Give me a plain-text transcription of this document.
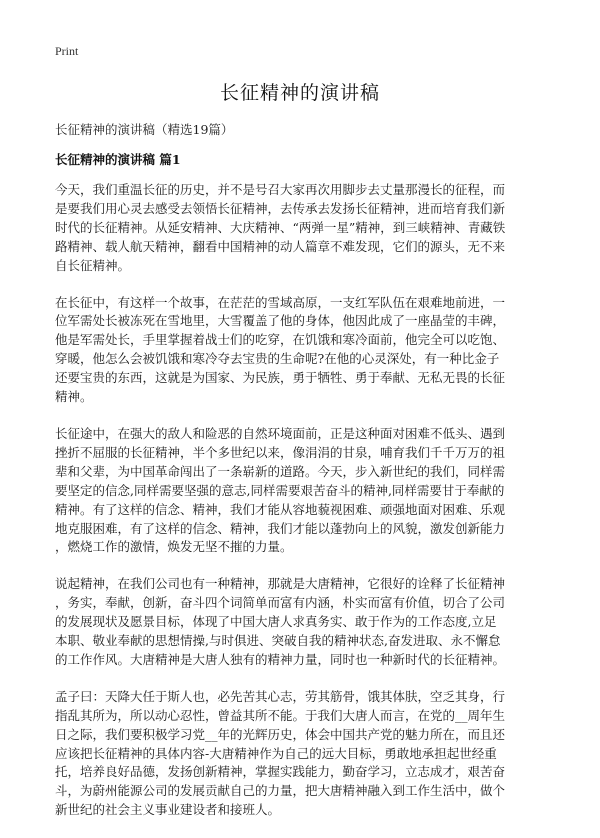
Print
长征精神的演讲稿
长征精神的演讲稿（精选19篇）
长征精神的演讲稿 篇1

今天，我们重温长征的历史，并不是号召大家再次用脚步去丈量那漫长的征程，而
是要我们用心灵去感受去领悟长征精神，去传承去发扬长征精神，进而培育我们新
时代的长征精神。从延安精神、大庆精神、“两弹一星”精神，到三峡精神、青藏铁
路精神、载人航天精神，翻看中国精神的动人篇章不难发现，它们的源头，无不来
自长征精神。

在长征中，有这样一个故事，在茫茫的雪域高原，一支红军队伍在艰难地前进，一
位军需处长被冻死在雪地里，大雪覆盖了他的身体，他因此成了一座晶莹的丰碑，
他是军需处长，手里掌握着战士们的吃穿，在饥饿和寒冷面前，他完全可以吃饱、
穿暖，他怎么会被饥饿和寒冷夺去宝贵的生命呢?在他的心灵深处，有一种比金子
还要宝贵的东西，这就是为国家、为民族，勇于牺牲、勇于奉献、无私无畏的长征
精神。

长征途中，在强大的敌人和险恶的自然环境面前，正是这种面对困难不低头、遇到
挫折不屈服的长征精神，半个多世纪以来，像涓涓的甘泉，哺育我们千千万万的祖
辈和父辈，为中国革命闯出了一条崭新的道路。今天，步入新世纪的我们，同样需
要坚定的信念,同样需要坚强的意志,同样需要艰苦奋斗的精神,同样需要甘于奉献的
精神。有了这样的信念、精神，我们才能从容地藐视困难、顽强地面对困难、乐观
地克服困难，有了这样的信念、精神，我们才能以蓬勃向上的风貌，激发创新能力
，燃烧工作的激情，焕发无坚不摧的力量。

说起精神，在我们公司也有一种精神，那就是大唐精神，它很好的诠释了长征精神
，务实，奉献，创新，奋斗四个词简单而富有内涵，朴实而富有价值，切合了公司
的发展现状及愿景目标，体现了中国大唐人求真务实、敢于作为的工作态度,立足
本职、敬业奉献的思想情操,与时俱进、突破自我的精神状态,奋发进取、永不懈怠
的工作作风。大唐精神是大唐人独有的精神力量，同时也一种新时代的长征精神。

孟子曰：天降大任于斯人也，必先苦其心志，劳其筋骨，饿其体肤，空乏其身，行
指乱其所为，所以动心忍性，曾益其所不能。于我们大唐人而言，在党的__周年生
日之际，我们要积极学习党__年的光辉历史，体会中国共产党的魅力所在，而且还
应该把长征精神的具体内容-大唐精神作为自己的远大目标，勇敢地承担起世经重
托，培养良好品德，发扬创新精神，掌握实践能力，勤奋学习，立志成才，艰苦奋
斗，为蔚州能源公司的发展贡献自己的力量，把大唐精神融入到工作生活中，做个
新世纪的社会主义事业建设者和接班人。
